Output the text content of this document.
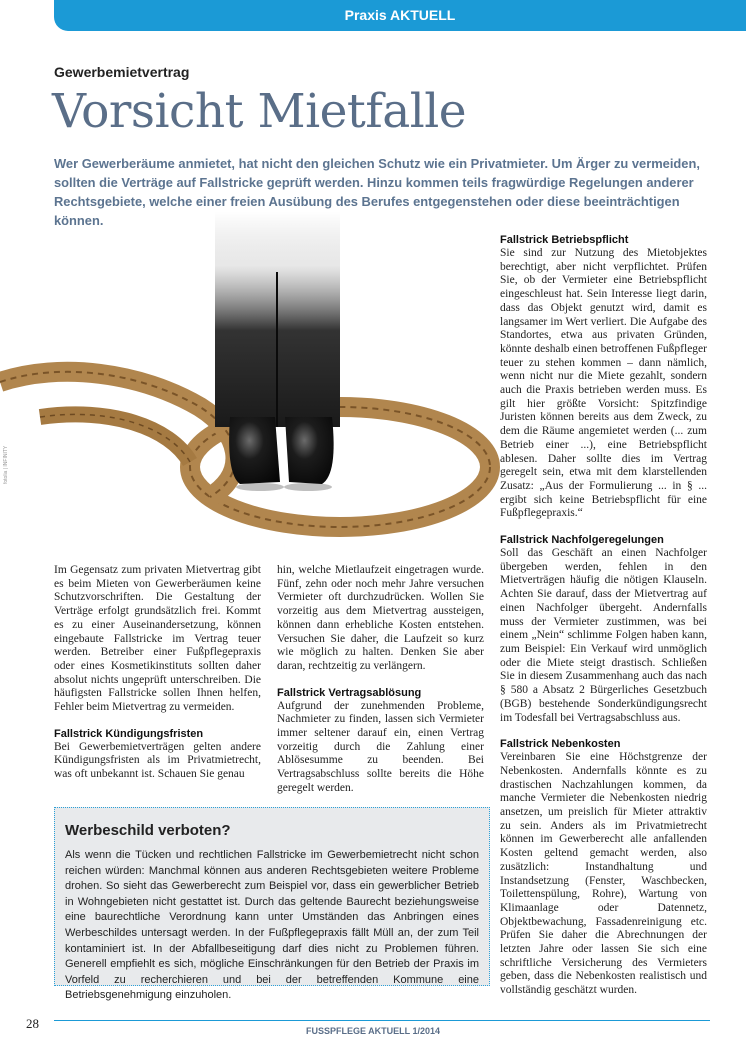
Praxis AKTUELL
Gewerbemietvertrag
Vorsicht Mietfalle
Wer Gewerberäume anmietet, hat nicht den gleichen Schutz wie ein Privatmieter. Um Ärger zu vermeiden, sollten die Verträge auf Fallstricke geprüft werden. Hinzu kommen teils fragwürdige Regelungen anderer Rechtsgebiete, welche einer freien Ausübung des Berufes entgegenstehen oder diese beeinträchtigen können.
fotolia | INFINITY

Im Gegensatz zum privaten Mietvertrag gibt es beim Mieten von Gewerberäumen keine Schutzvorschriften. Die Gestaltung der Verträge erfolgt grundsätzlich frei. Kommt es zu einer Auseinandersetzung, können eingebaute Fallstricke im Vertrag teuer werden. Betreiber einer Fußpflegepraxis oder eines Kosmetikinstituts sollten daher absolut nichts ungeprüft unterschreiben. Die häufigsten Fallstricke sollen Ihnen helfen, Fehler beim Mietvertrag zu vermeiden.

Fallstrick Kündigungsfristen

Bei Gewerbemietverträgen gelten andere Kündigungsfristen als im Privatmietrecht, was oft unbekannt ist. Schauen Sie genau

hin, welche Mietlaufzeit eingetragen wurde. Fünf, zehn oder noch mehr Jahre versuchen Vermieter oft durchzudrücken. Wollen Sie vorzeitig aus dem Mietvertrag aussteigen, können dann erhebliche Kosten entstehen. Versuchen Sie daher, die Laufzeit so kurz wie möglich zu halten. Denken Sie aber daran, rechtzeitig zu verlängern.

Fallstrick Vertragsablösung

Aufgrund der zunehmenden Probleme, Nachmieter zu finden, lassen sich Vermieter immer seltener darauf ein, einen Vertrag vorzeitig durch die Zahlung einer Ablösesumme zu beenden. Bei Vertragsabschluss sollte bereits die Höhe geregelt werden.

Fallstrick Betriebspflicht

Sie sind zur Nutzung des Mietobjektes berechtigt, aber nicht verpflichtet. Prüfen Sie, ob der Vermieter eine Betriebspflicht eingeschleust hat. Sein Interesse liegt darin, dass das Objekt genutzt wird, damit es langsamer im Wert verliert. Die Aufgabe des Standortes, etwa aus privaten Gründen, könnte deshalb einen betroffenen Fußpfleger teuer zu stehen kommen – dann nämlich, wenn nicht nur die Miete gezahlt, sondern auch die Praxis betrieben werden muss. Es gilt hier größte Vorsicht: Spitzfindige Juristen können bereits aus dem Zweck, zu dem die Räume angemietet werden (... zum Betrieb einer ...), eine Betriebspflicht ablesen. Daher sollte dies im Vertrag geregelt sein, etwa mit dem klarstellenden Zusatz: „Aus der Formulierung ... in § ... ergibt sich keine Betriebspflicht für eine Fußpflegepraxis.“

Fallstrick Nachfolgeregelungen

Soll das Geschäft an einen Nachfolger übergeben werden, fehlen in den Mietverträgen häufig die nötigen Klauseln. Achten Sie darauf, dass der Mietvertrag auf einen Nachfolger übergeht. Andernfalls muss der Vermieter zustimmen, was bei einem „Nein“ schlimme Folgen haben kann, zum Beispiel: Ein Verkauf wird unmöglich oder die Miete steigt drastisch. Schließen Sie in diesem Zusammenhang auch das nach § 580 a Absatz 2 Bürgerliches Gesetzbuch (BGB) bestehende Sonderkündigungsrecht im Todesfall bei Vertragsabschluss aus.

Fallstrick Nebenkosten

Vereinbaren Sie eine Höchstgrenze der Nebenkosten. Andernfalls könnte es zu drastischen Nachzahlungen kommen, da manche Vermieter die Nebenkosten niedrig ansetzen, um preislich für Mieter attraktiv zu sein. Anders als im Privatmietrecht können im Gewerberecht alle anfallenden Kosten geltend gemacht werden, also zusätzlich: Instandhaltung und Instandsetzung (Fenster, Waschbecken, Toilettenspülung, Rohre), Wartung von Klimaanlage oder Datennetz, Objektbewachung, Fassadenreinigung etc. Prüfen Sie daher die Abrechnungen der letzten Jahre oder lassen Sie sich eine schriftliche Versicherung des Vermieters geben, dass die Nebenkosten realistisch und vollständig geschätzt wurden.

Werbeschild verboten?

Als wenn die Tücken und rechtlichen Fallstricke im Gewerbemietrecht nicht schon reichen würden: Manchmal können aus anderen Rechtsgebieten weitere Probleme drohen. So sieht das Gewerberecht zum Beispiel vor, dass ein gewerblicher Betrieb in Wohngebieten nicht gestattet ist. Durch das geltende Baurecht beziehungsweise eine baurechtliche Verordnung kann unter Umständen das Anbringen eines Werbeschildes untersagt werden. In der Fußpflegepraxis fällt Müll an, der zum Teil kontaminiert ist. In der Abfallbeseitigung darf dies nicht zu Problemen führen. Generell empfiehlt es sich, mögliche Einschränkungen für den Betrieb der Praxis im Vorfeld zu recherchieren und bei der betreffenden Kommune eine Betriebsgenehmigung einzuholen.

28	FUSSPFLEGE AKTUELL 1/2014
